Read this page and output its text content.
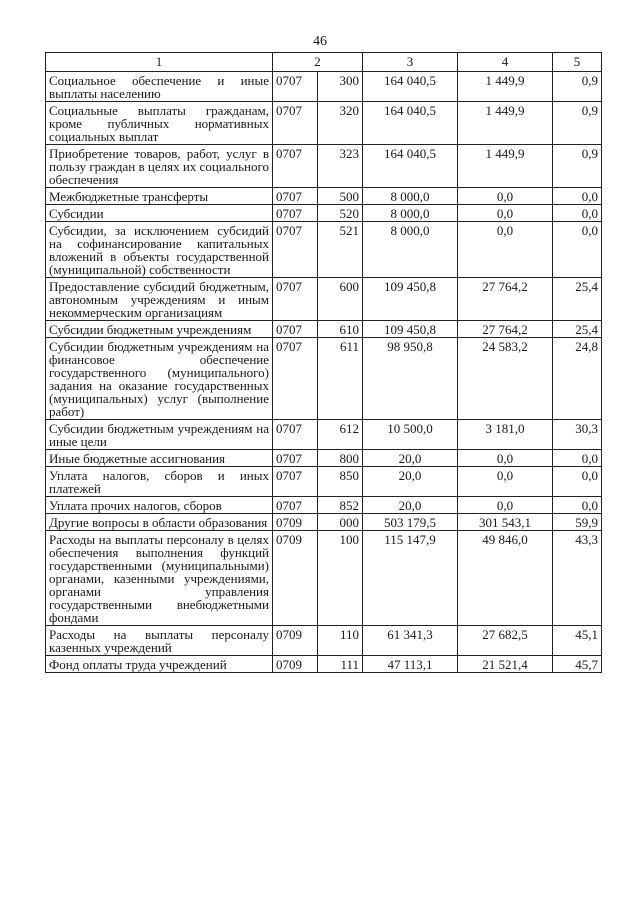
46
1	2		3	4	5
Социальное обеспечение и иные выплаты населению	0707	300	164 040,5	1 449,9	0,9
Социальные выплаты гражданам, кроме публичных нормативных социальных выплат	0707	320	164 040,5	1 449,9	0,9
Приобретение товаров, работ, услуг в пользу граждан в целях их социального обеспечения	0707	323	164 040,5	1 449,9	0,9
Межбюджетные трансферты	0707	500	8 000,0	0,0	0,0
Субсидии	0707	520	8 000,0	0,0	0,0
Субсидии, за исключением субсидий на софинансирование капитальных вложений в объекты государственной (муниципальной) собственности	0707	521	8 000,0	0,0	0,0
Предоставление субсидий бюджетным, автономным учреждениям и иным некоммерческим организациям	0707	600	109 450,8	27 764,2	25,4
Субсидии бюджетным учреждениям	0707	610	109 450,8	27 764,2	25,4
Субсидии бюджетным учреждениям на финансовое обеспечение государственного (муниципального) задания на оказание государственных (муниципальных) услуг (выполнение работ)	0707	611	98 950,8	24 583,2	24,8
Субсидии бюджетным учреждениям на иные цели	0707	612	10 500,0	3 181,0	30,3
Иные бюджетные ассигнования	0707	800	20,0	0,0	0,0
Уплата налогов, сборов и иных платежей	0707	850	20,0	0,0	0,0
Уплата прочих налогов, сборов	0707	852	20,0	0,0	0,0
Другие вопросы в области образования	0709	000	503 179,5	301 543,1	59,9
Расходы на выплаты персоналу в целях обеспечения выполнения функций государственными (муниципальными) органами, казенными учреждениями, органами управления государственными внебюджетными фондами	0709	100	115 147,9	49 846,0	43,3
Расходы на выплаты персоналу казенных учреждений	0709	110	61 341,3	27 682,5	45,1
Фонд оплаты труда учреждений	0709	111	47 113,1	21 521,4	45,7
